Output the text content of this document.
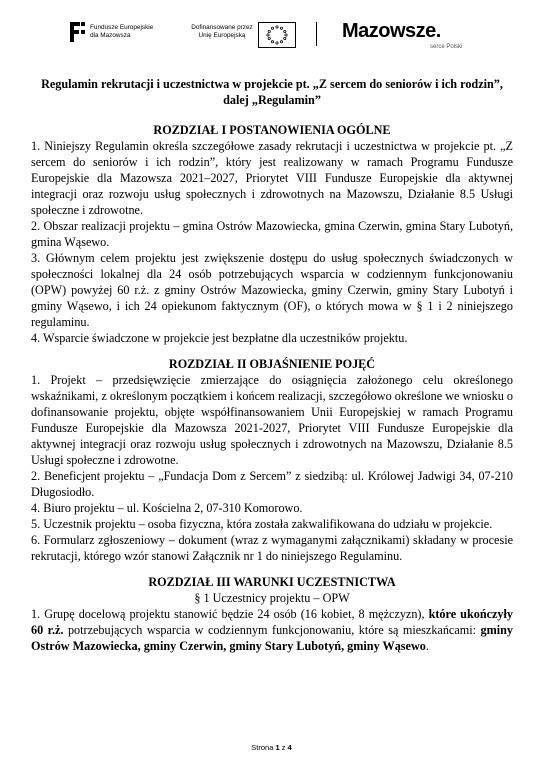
Fundusze Europejskie
dla Mazowsza
Dofinansowane przez
Unię Europejską	Mazowsze.
serce Polski
Regulamin rekrutacji i uczestnictwa w projekcie pt. „Z sercem do seniorów i ich rodzin”, dalej „Regulamin”
ROZDZIAŁ I POSTANOWIENIA OGÓLNE
1. Niniejszy Regulamin określa szczegółowe zasady rekrutacji i uczestnictwa w projekcie pt. „Z sercem do seniorów i ich rodzin”, który jest realizowany w ramach Programu Fundusze Europejskie dla Mazowsza 2021–2027, Priorytet VIII Fundusze Europejskie dla aktywnej integracji oraz rozwoju usług społecznych i zdrowotnych na Mazowszu, Działanie 8.5 Usługi społeczne i zdrowotne.
2. Obszar realizacji projektu – gmina Ostrów Mazowiecka, gmina Czerwin, gmina Stary Lubotyń, gmina Wąsewo.
3. Głównym celem projektu jest zwiększenie dostępu do usług społecznych świadczonych w społeczności lokalnej dla 24 osób potrzebujących wsparcia w codziennym funkcjonowaniu (OPW) powyżej 60 r.ż. z gminy Ostrów Mazowiecka, gminy Czerwin, gminy Stary Lubotyń i gminy Wąsewo, i ich 24 opiekunom faktycznym (OF), o których mowa w § 1 i 2 niniejszego regulaminu.
4. Wsparcie świadczone w projekcie jest bezpłatne dla uczestników projektu.
ROZDZIAŁ II OBJAŚNIENIE POJĘĆ
1. Projekt – przedsięwzięcie zmierzające do osiągnięcia założonego celu określonego wskaźnikami, z określonym początkiem i końcem realizacji, szczegółowo określone we wniosku o dofinansowanie projektu, objęte współfinansowaniem Unii Europejskiej w ramach Programu Fundusze Europejskie dla Mazowsza 2021-2027, Priorytet VIII Fundusze Europejskie dla aktywnej integracji oraz rozwoju usług społecznych i zdrowotnych na Mazowszu, Działanie 8.5 Usługi społeczne i zdrowotne.
2. Beneficjent projektu – „Fundacja Dom z Sercem” z siedzibą: ul. Królowej Jadwigi 34, 07-210 Długosiodło.
4. Biuro projektu – ul. Kościelna 2, 07-310 Komorowo.
5. Uczestnik projektu – osoba fizyczna, która została zakwalifikowana do udziału w projekcie.
6. Formularz zgłoszeniowy – dokument (wraz z wymaganymi załącznikami) składany w procesie rekrutacji, którego wzór stanowi Załącznik nr 1 do niniejszego Regulaminu.
ROZDZIAŁ III WARUNKI UCZESTNICTWA
§ 1 Uczestnicy projektu – OPW
1. Grupę docelową projektu stanowić będzie 24 osób (16 kobiet, 8 mężczyzn), które ukończyły 60 r.ż. potrzebujących wsparcia w codziennym funkcjonowaniu, które są mieszkańcami: gminy Ostrów Mazowiecka, gminy Czerwin, gminy Stary Lubotyń, gminy Wąsewo.
Strona 1 z 4
